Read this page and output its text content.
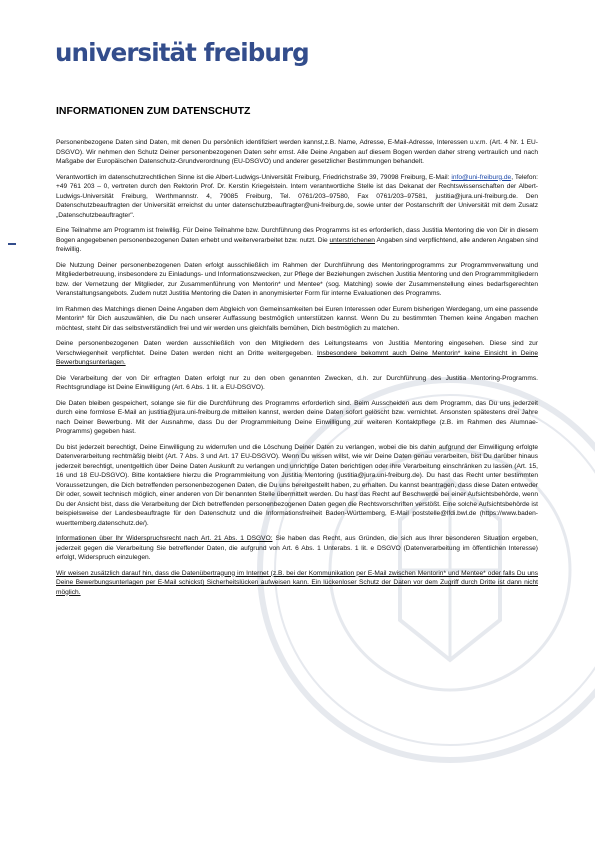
universität freiburg
INFORMATIONEN ZUM DATENSCHUTZ

Personenbezogene Daten sind Daten, mit denen Du persönlich identifiziert werden kannst,z.B. Name, Adresse, E-Mail-Adresse, Interessen u.v.m. (Art. 4 Nr. 1 EU-DSGVO). Wir nehmen den Schutz Deiner personenbezogenen Daten sehr ernst. Alle Deine Angaben auf diesem Bogen werden daher streng vertraulich und nach Maßgabe der Europäischen Datenschutz-Grundverordnung (EU-DSGVO) und anderer gesetzlicher Bestimmungen behandelt.

Verantwortlich im datenschutzrechtlichen Sinne ist die Albert-Ludwigs-Universität Freiburg, Friedrichstraße 39, 79098 Freiburg, E-Mail: info@uni-freiburg.de, Telefon: +49 761 203 – 0, vertreten durch den Rektorin Prof. Dr. Kerstin Kriegelstein. Intern verantwortliche Stelle ist das Dekanat der Rechtswissenschaften der Albert-Ludwigs-Universität Freiburg, Werthmannstr. 4, 79085 Freiburg, Tel. 0761/203–97580, Fax 0761/203–97581, justitia@jura.uni-freiburg.de. Den Datenschutzbeauftragten der Universität erreichst du unter datenschutzbeauftragter@uni-freiburg.de, sowie unter der Postanschrift der Universität mit dem Zusatz „Datenschutzbeauftragter".

Eine Teilnahme am Programm ist freiwillig. Für Deine Teilnahme bzw. Durchführung des Programms ist es erforderlich, dass Justitia Mentoring die von Dir in diesem Bogen angegebenen personenbezogenen Daten erhebt und weiterverarbeitet bzw. nutzt. Die unterstrichenen Angaben sind verpflichtend, alle anderen Angaben sind freiwillig.

Die Nutzung Deiner personenbezogenen Daten erfolgt ausschließlich im Rahmen der Durchführung des Mentoringprogramms zur Programmverwaltung und Mitgliederbetreuung, insbesondere zu Einladungs- und Informationszwecken, zur Pflege der Beziehungen zwischen Justitia Mentoring und den Programmmitgliedern bzw. der Vernetzung der Mitglieder, zur Zusammenführung von Mentorin* und Mentee* (sog. Matching) sowie der Zusammenstellung eines bedarfsgerechten Veranstaltungsangebots. Zudem nutzt Justitia Mentoring die Daten in anonymisierter Form für interne Evaluationen des Programms.

Im Rahmen des Matchings dienen Deine Angaben dem Abgleich von Gemeinsamkeiten bei Euren Interessen oder Eurem bisherigen Werdegang, um eine passende Mentorin* für Dich auszuwählen, die Du nach unserer Auffassung bestmöglich unterstützen kannst. Wenn Du zu bestimmten Themen keine Angaben machen möchtest, steht Dir das selbstverständlich frei und wir werden uns gleichfalls bemühen, Dich bestmöglich zu matchen.

Deine personenbezogenen Daten werden ausschließlich von den Mitgliedern des Leitungsteams von Justitia Mentoring eingesehen. Diese sind zur Verschwiegenheit verpflichtet. Deine Daten werden nicht an Dritte weitergegeben. Insbesondere bekommt auch Deine Mentorin* keine Einsicht in Deine Bewerbungsunterlagen.

Die Verarbeitung der von Dir erfragten Daten erfolgt nur zu den oben genannten Zwecken, d.h. zur Durchführung des Justitia Mentoring-Programms. Rechtsgrundlage ist Deine Einwilligung (Art. 6 Abs. 1 lit. a EU-DSGVO).

Die Daten bleiben gespeichert, solange sie für die Durchführung des Programms erforderlich sind. Beim Ausscheiden aus dem Programm, das Du uns jederzeit durch eine formlose E-Mail an justitia@jura.uni-freiburg.de mitteilen kannst, werden deine Daten sofort gelöscht bzw. vernichtet. Ansonsten spätestens drei Jahre nach Deiner Bewerbung. Mit der Ausnahme, dass Du der Programmleitung Deine Einwilligung zur weiteren Kontaktpflege (z.B. im Rahmen des Alumnae-Programms) gegeben hast.

Du bist jederzeit berechtigt, Deine Einwilligung zu widerrufen und die Löschung Deiner Daten zu verlangen, wobei die bis dahin aufgrund der Einwilligung erfolgte Datenverarbeitung rechtmäßig bleibt (Art. 7 Abs. 3 und Art. 17 EU-DSGVO). Wenn Du wissen willst, wie wir Deine Daten genau verarbeiten, bist Du darüber hinaus jederzeit berechtigt, unentgeltlich über Deine Daten Auskunft zu verlangen und unrichtige Daten berichtigen oder ihre Verarbeitung einschränken zu lassen (Art. 15, 16 und 18 EU-DSGVO). Bitte kontaktiere hierzu die Programmleitung von Justitia Mentoring (justitia@jura.uni-freiburg.de). Du hast das Recht unter bestimmten Voraussetzungen, die Dich betreffenden personenbezogenen Daten, die Du uns bereitgestellt haben, zu erhalten. Du kannst beantragen, dass diese Daten entweder Dir oder, soweit technisch möglich, einer anderen von Dir benannten Stelle übermittelt werden. Du hast das Recht auf Beschwerde bei einer Aufsichtsbehörde, wenn Du der Ansicht bist, dass die Verarbeitung der Dich betreffenden personenbezogenen Daten gegen die Rechtsvorschriften verstößt. Eine solche Aufsichtsbehörde ist beispielsweise der Landesbeauftragte für den Datenschutz und die Informationsfreiheit Baden-Württemberg, E-Mail poststelle@lfdi.bwl.de (https://www.baden-wuerttemberg.datenschutz.de/).

Informationen über Ihr Widerspruchsrecht nach Art. 21 Abs. 1 DSGVO: Sie haben das Recht, aus Gründen, die sich aus Ihrer besonderen Situation ergeben, jederzeit gegen die Verarbeitung Sie betreffender Daten, die aufgrund von Art. 6 Abs. 1 Unterabs. 1 lit. e DSGVO (Datenverarbeitung im öffentlichen Interesse) erfolgt, Widerspruch einzulegen.

Wir weisen zusätzlich darauf hin, dass die Datenübertragung im Internet (z.B. bei der Kommunikation per E-Mail zwischen Mentorin* und Mentee* oder falls Du uns Deine Bewerbungsunterlagen per E-Mail schickst) Sicherheitslücken aufweisen kann. Ein lückenloser Schutz der Daten vor dem Zugriff durch Dritte ist dann nicht möglich.
